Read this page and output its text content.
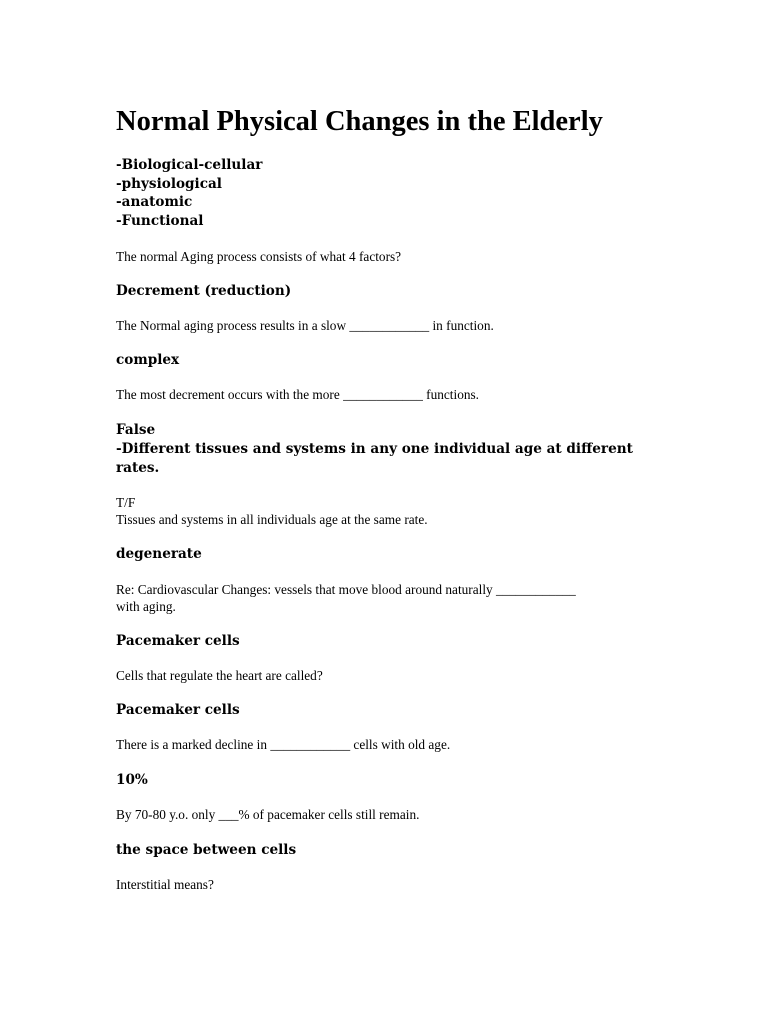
Normal Physical Changes in the Elderly
-Biological-cellular
-physiological
-anatomic
-Functional

The normal Aging process consists of what 4 factors?

Decrement (reduction)

The Normal aging process results in a slow ____________ in function.

complex

The most decrement occurs with the more ____________ functions.

False

-Different tissues and systems in any one individual age at different rates.

T/F

Tissues and systems in all individuals age at the same rate.

degenerate

Re: Cardiovascular Changes: vessels that move blood around naturally ____________

with aging.

Pacemaker cells

Cells that regulate the heart are called?

Pacemaker cells

There is a marked decline in ____________ cells with old age.

10%

By 70-80 y.o. only ___% of pacemaker cells still remain.

the space between cells

Interstitial means?
